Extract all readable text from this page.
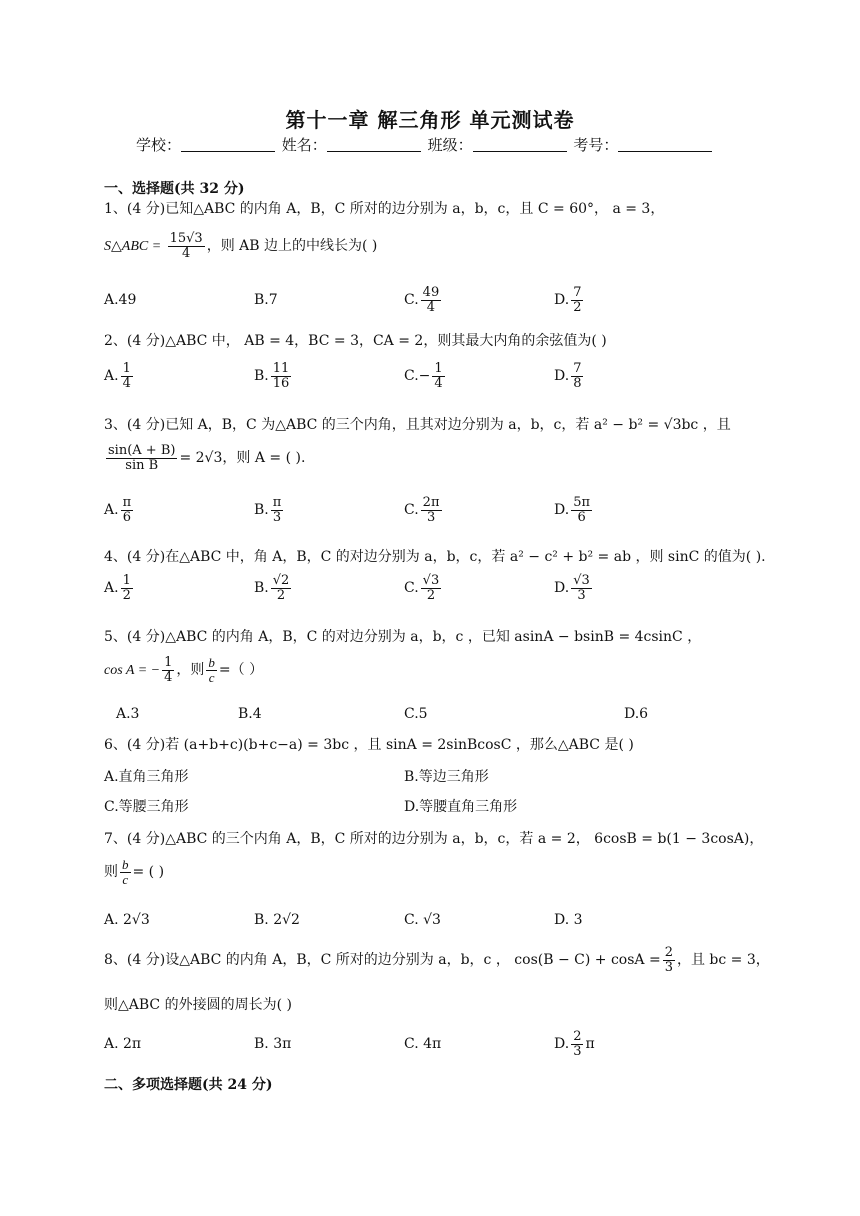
第十一章 解三角形 单元测试卷
学校：	姓名：	班级：	考号：
一、选择题(共 32 分)
1、(4 分)已知△ABC 的内角 A，B，C 所对的边分别为 a，b，c，且 C = 60°， a = 3，
S△ABC = $\frac{15√3}{4}$ ，则 AB 边上的中线长为( )
A.49	B.7	C. $\frac{49}{4}$	D. $\frac{7}{2}$
2、(4 分)△ABC 中， AB = 4，BC = 3，CA = 2，则其最大内角的余弦值为( )
A. $\frac{1}{4}$	B. $\frac{11}{16}$	$C.- \frac{1}{4}$	D. $\frac{7}{8}$
3、(4 分)已知 A，B，C 为△ABC 的三个内角，且其对边分别为 a，b，c，若 a² − b² = √3bc ，且
$\frac{\sin(A + B)}{\text{sin B}} = 2√3$，则 A = ( ).
A. $\frac{\pi}{6}$	B. $\frac{\pi}{3}$	C. $\frac{2\pi}{3}$	D. $\frac{5\pi}{6}$
4、(4 分)在△ABC 中，角 A，B，C 的对边分别为 a，b，c，若 a² − c² + b² = ab ，则 sinC 的值为( ).
A. $\frac{1}{2}$	B. $\frac{√2}{2}$	C. $\frac{√3}{2}$	D. $\frac{√3}{3}$
5、(4 分)△ABC 的内角 A，B，C 的对边分别为 a，b，c ，已知 asinA − bsinB = 4csinC ，
cos A = − $\frac{1}{4}$ ，则 $\frac{b}{c}$ =（ ）
A.3	B.4	C.5	D.6
6、(4 分)若 (a+b+c)(b+c−a) = 3bc ，且 sinA = 2sinBcosC ，那么△ABC 是( )
A.直角三角形	B.等边三角形
C.等腰三角形	D.等腰直角三角形
7、(4 分)△ABC 的三个内角 A，B，C 所对的边分别为 a，b，c，若 a = 2， 6cosB = b(1 − 3cosA)，
则 $\frac{b}{c}$ = ( )
A. 2√3	B. 2√2	C. √3	D. 3
8、(4 分)设△ABC 的内角 A，B，C 所对的边分别为 a，b，c ， $\cos(B - C) + \cos A = \frac{2}{3}$ ，且 bc = 3，
则△ABC 的外接圆的周长为( )
A. 2π	B. 3π	C. 4π	D. $\frac{2}{3}$ π
二、多项选择题(共 24 分)
